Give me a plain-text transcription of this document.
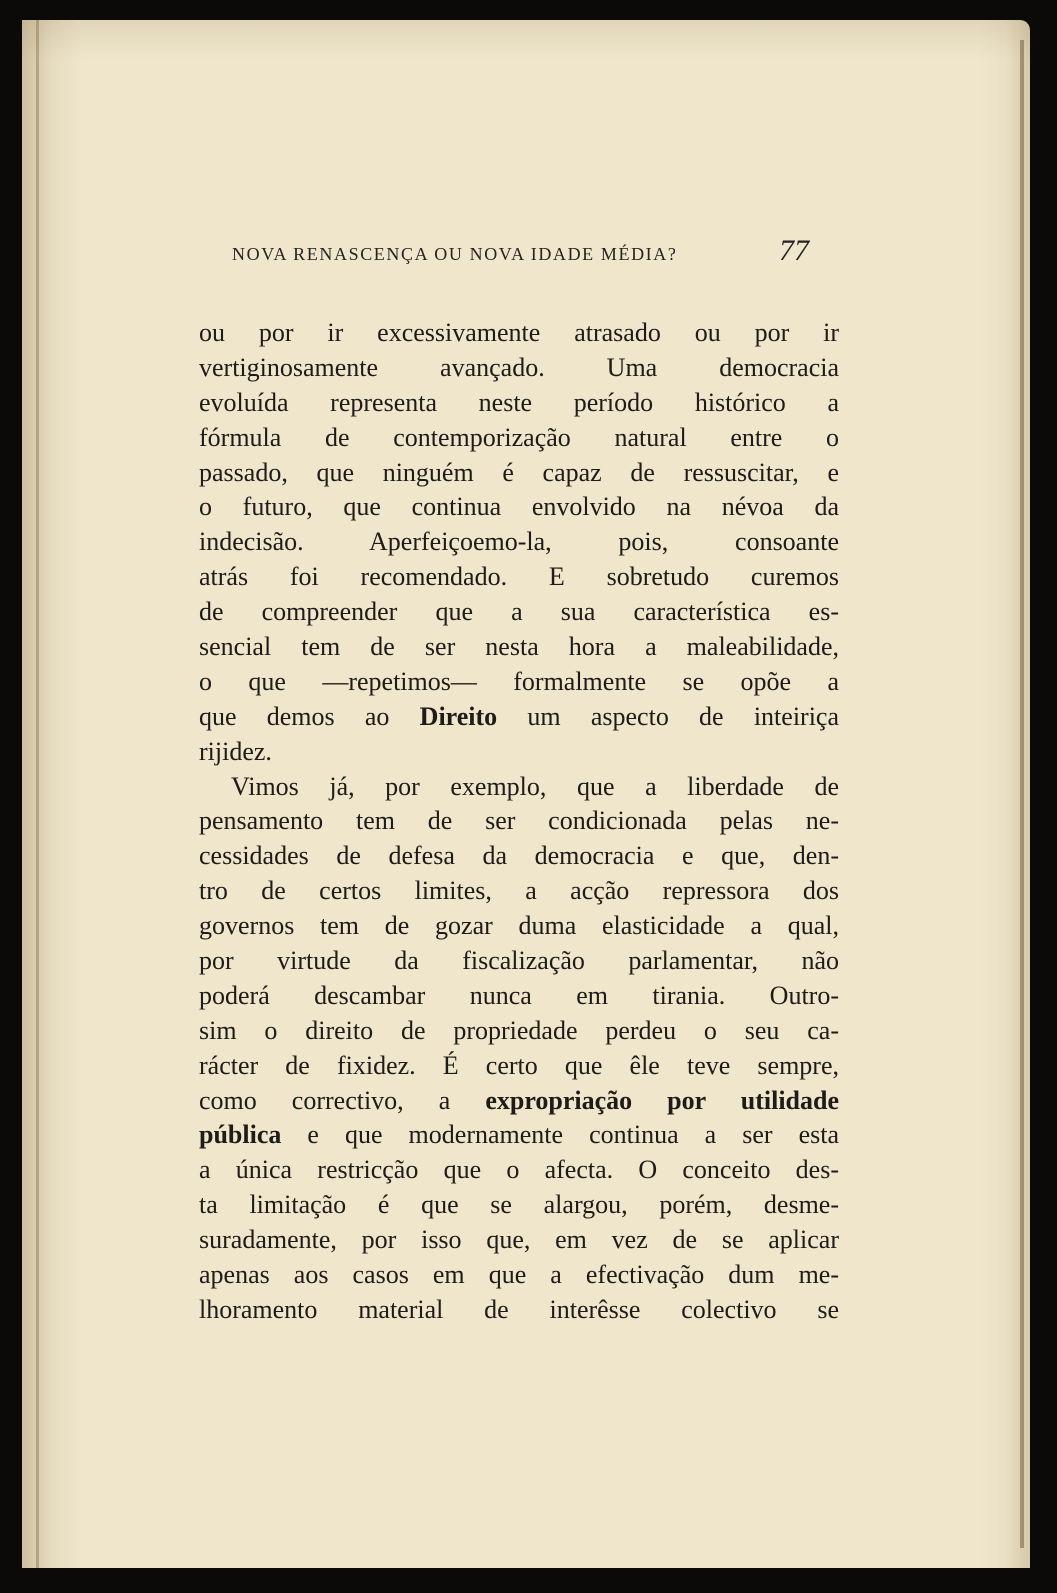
NOVA RENASCENÇA OU NOVA IDADE MÉDIA?	77
ou por ir excessivamente atrasado ou por ir
vertiginosamente avançado. Uma democracia
evoluída representa neste período histórico a
fórmula de contemporização natural entre o
passado, que ninguém é capaz de ressuscitar, e
o futuro, que continua envolvido na névoa da
indecisão. Aperfeiçoemo-la, pois, consoante
atrás foi recomendado. E sobretudo curemos
de compreender que a sua característica es-
sencial tem de ser nesta hora a maleabilidade,
o que —repetimos— formalmente se opõe a
que demos ao Direito um aspecto de inteiriça
rijidez.
Vimos já, por exemplo, que a liberdade de
pensamento tem de ser condicionada pelas ne-
cessidades de defesa da democracia e que, den-
tro de certos limites, a acção repressora dos
governos tem de gozar duma elasticidade a qual,
por virtude da fiscalização parlamentar, não
poderá descambar nunca em tirania. Outro-
sim o direito de propriedade perdeu o seu ca-
rácter de fixidez. É certo que êle teve sempre,
como correctivo, a expropriação por utilidade
pública e que modernamente continua a ser esta
a única restricção que o afecta. O conceito des-
ta limitação é que se alargou, porém, desme-
suradamente, por isso que, em vez de se aplicar
apenas aos casos em que a efectivação dum me-
lhoramento material de interêsse colectivo se
